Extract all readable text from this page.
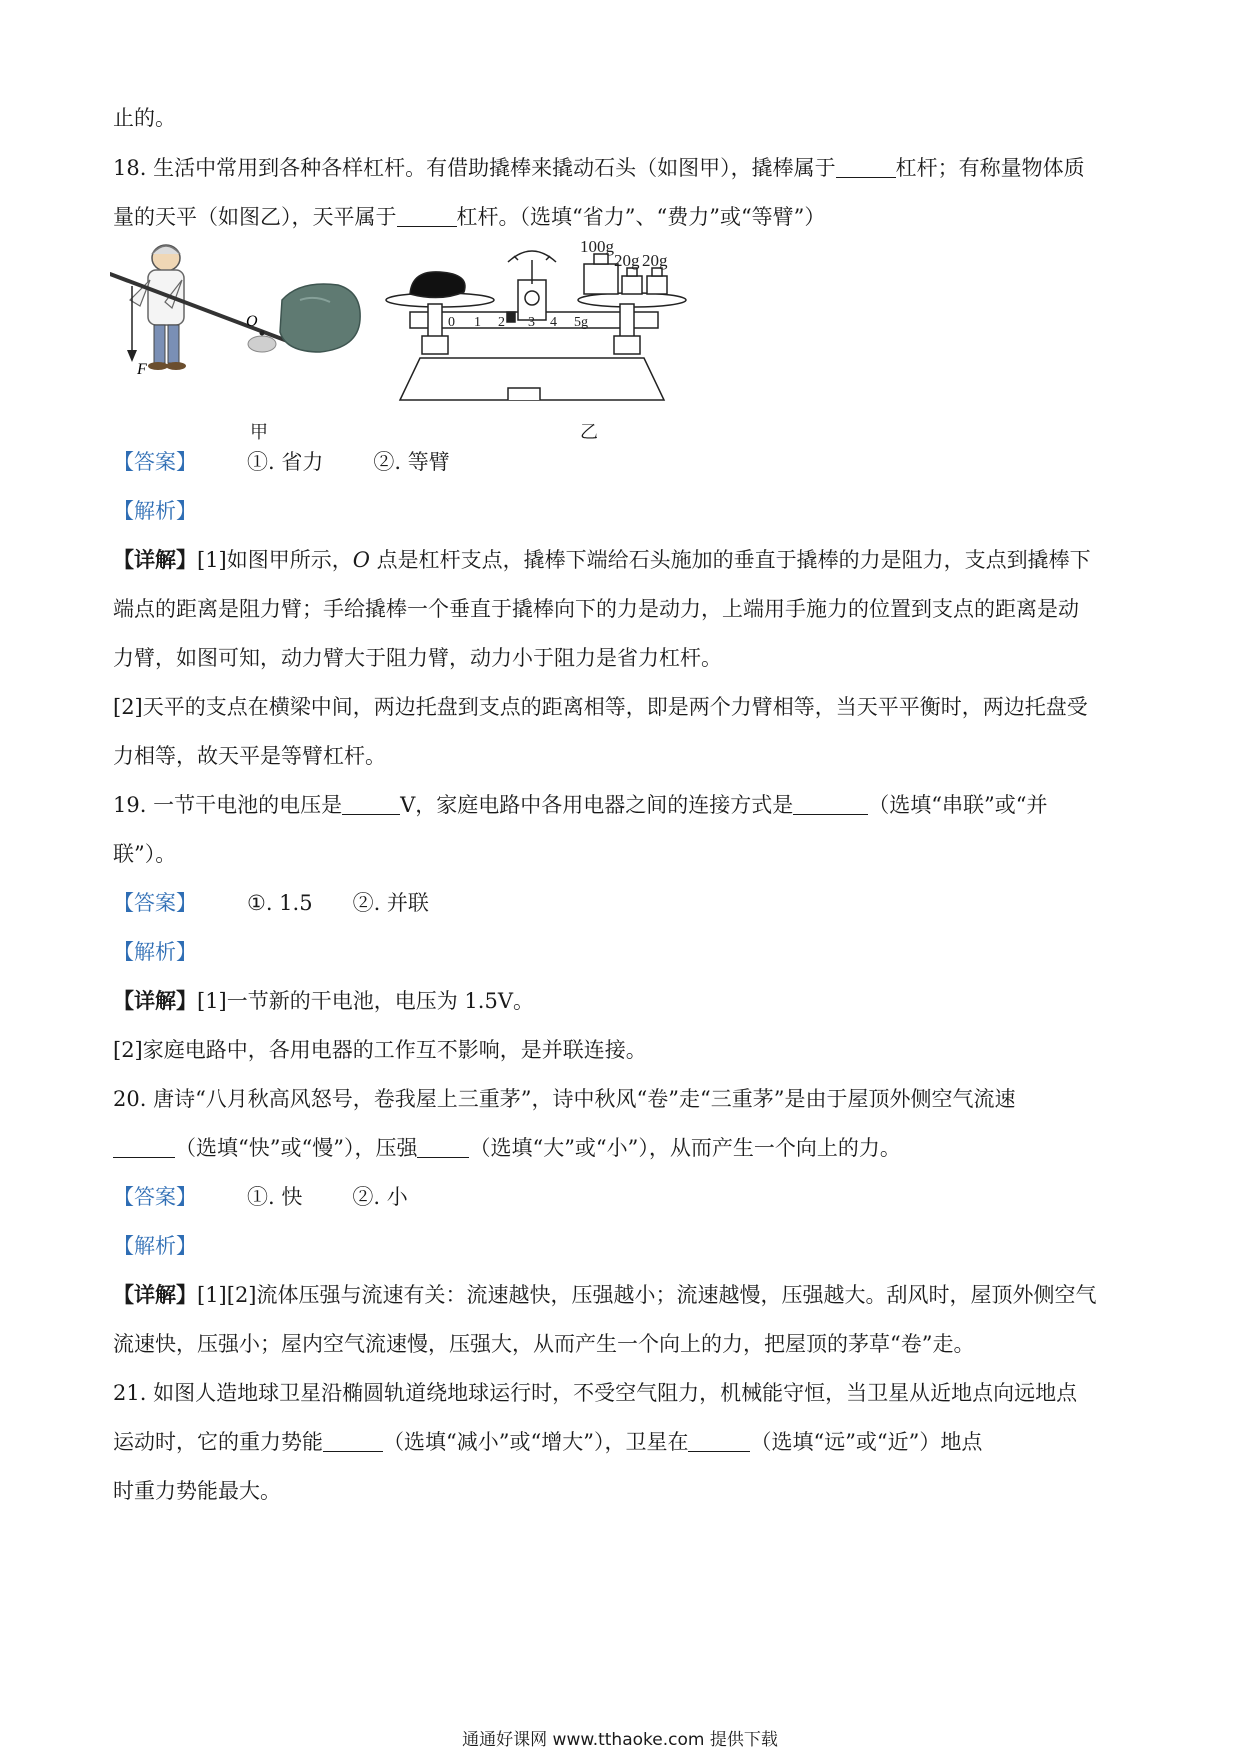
止的。
18. 生活中常用到各种各样杠杆。有借助撬棒来撬动石头（如图甲），撬棒属于	杠杆；有称量物体质
量的天平（如图乙），天平属于	杠杆。（选填“省力”、“费力”或“等臂”）
F
O	0 1 2 3 4 5g
100g
20g 20g
甲	乙
【答案】 ①. 省力 ②. 等臂
【解析】
【详解】[1]如图甲所示，O 点是杠杆支点，撬棒下端给石头施加的垂直于撬棒的力是阻力，支点到撬棒下
端点的距离是阻力臂；手给撬棒一个垂直于撬棒向下的力是动力，上端用手施力的位置到支点的距离是动
力臂，如图可知，动力臂大于阻力臂，动力小于阻力是省力杠杆。
[2]天平的支点在横梁中间，两边托盘到支点的距离相等，即是两个力臂相等，当天平平衡时，两边托盘受
力相等，故天平是等臂杠杆。
19. 一节干电池的电压是	V，家庭电路中各用电器之间的连接方式是	（选填“串联”或“并
联”）。
【答案】 ①. 1.5 ②. 并联
【解析】
【详解】[1]一节新的干电池，电压为 1.5V。
[2]家庭电路中，各用电器的工作互不影响，是并联连接。
20. 唐诗“八月秋高风怒号，卷我屋上三重茅”，诗中秋风“卷”走“三重茅”是由于屋顶外侧空气流速
（选填“快”或“慢”），压强 （选填“大”或“小”），从而产生一个向上的力。
【答案】 ①. 快 ②. 小
【解析】
【详解】[1][2]流体压强与流速有关：流速越快，压强越小；流速越慢，压强越大。刮风时，屋顶外侧空气
流速快，压强小；屋内空气流速慢，压强大，从而产生一个向上的力，把屋顶的茅草“卷”走。
21. 如图人造地球卫星沿椭圆轨道绕地球运行时，不受空气阻力，机械能守恒，当卫星从近地点向远地点
运动时，它的重力势能	（选填“减小”或“增大”），卫星在	（选填“远”或“近”）地点
时重力势能最大。
通通好课网 www.tthaoke.com 提供下载
